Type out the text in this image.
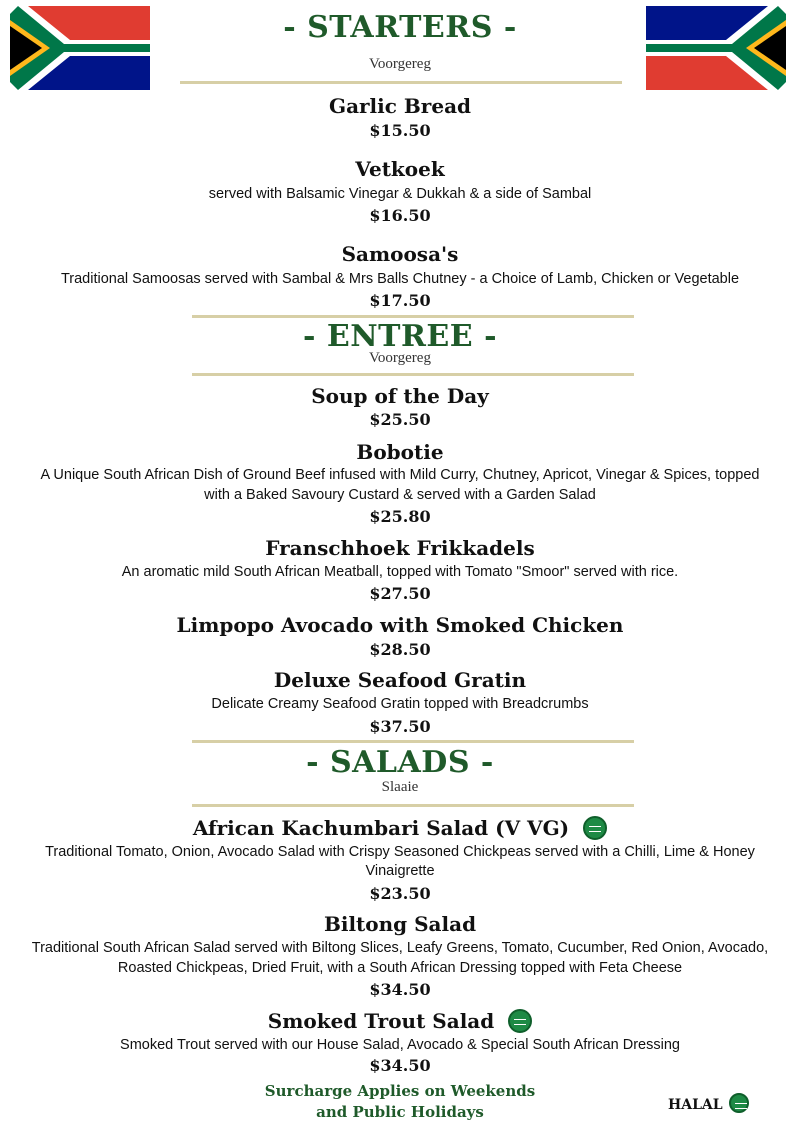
- STARTERS -
Voorgereg
Garlic Bread
$15.50
Vetkoek
served with Balsamic Vinegar & Dukkah & a side of Sambal
$16.50
Samoosa's
Traditional Samoosas served with Sambal & Mrs Balls Chutney - a Choice of Lamb, Chicken or Vegetable
$17.50
- ENTREE -
Voorgereg
Soup of the Day
$25.50
Bobotie
A Unique South African Dish of Ground Beef infused with Mild Curry, Chutney, Apricot, Vinegar & Spices, topped
with a Baked Savoury Custard & served with a Garden Salad
$25.80
Franschhoek Frikkadels
An aromatic mild South African Meatball, topped with Tomato "Smoor" served with rice.
$27.50
Limpopo Avocado with Smoked Chicken
$28.50
Deluxe Seafood Gratin
Delicate Creamy Seafood Gratin topped with Breadcrumbs
$37.50
- SALADS -
Slaaie
African Kachumbari Salad (V VG)
Traditional Tomato, Onion, Avocado Salad with Crispy Seasoned Chickpeas served with a Chilli, Lime & Honey
Vinaigrette
$23.50
Biltong Salad
Traditional South African Salad served with Biltong Slices, Leafy Greens, Tomato, Cucumber, Red Onion, Avocado,
Roasted Chickpeas, Dried Fruit, with a South African Dressing topped with Feta Cheese
$34.50
Smoked Trout Salad
Smoked Trout served with our House Salad, Avocado & Special South African Dressing
$34.50
Surcharge Applies on Weekends
and Public Holidays	HALAL
